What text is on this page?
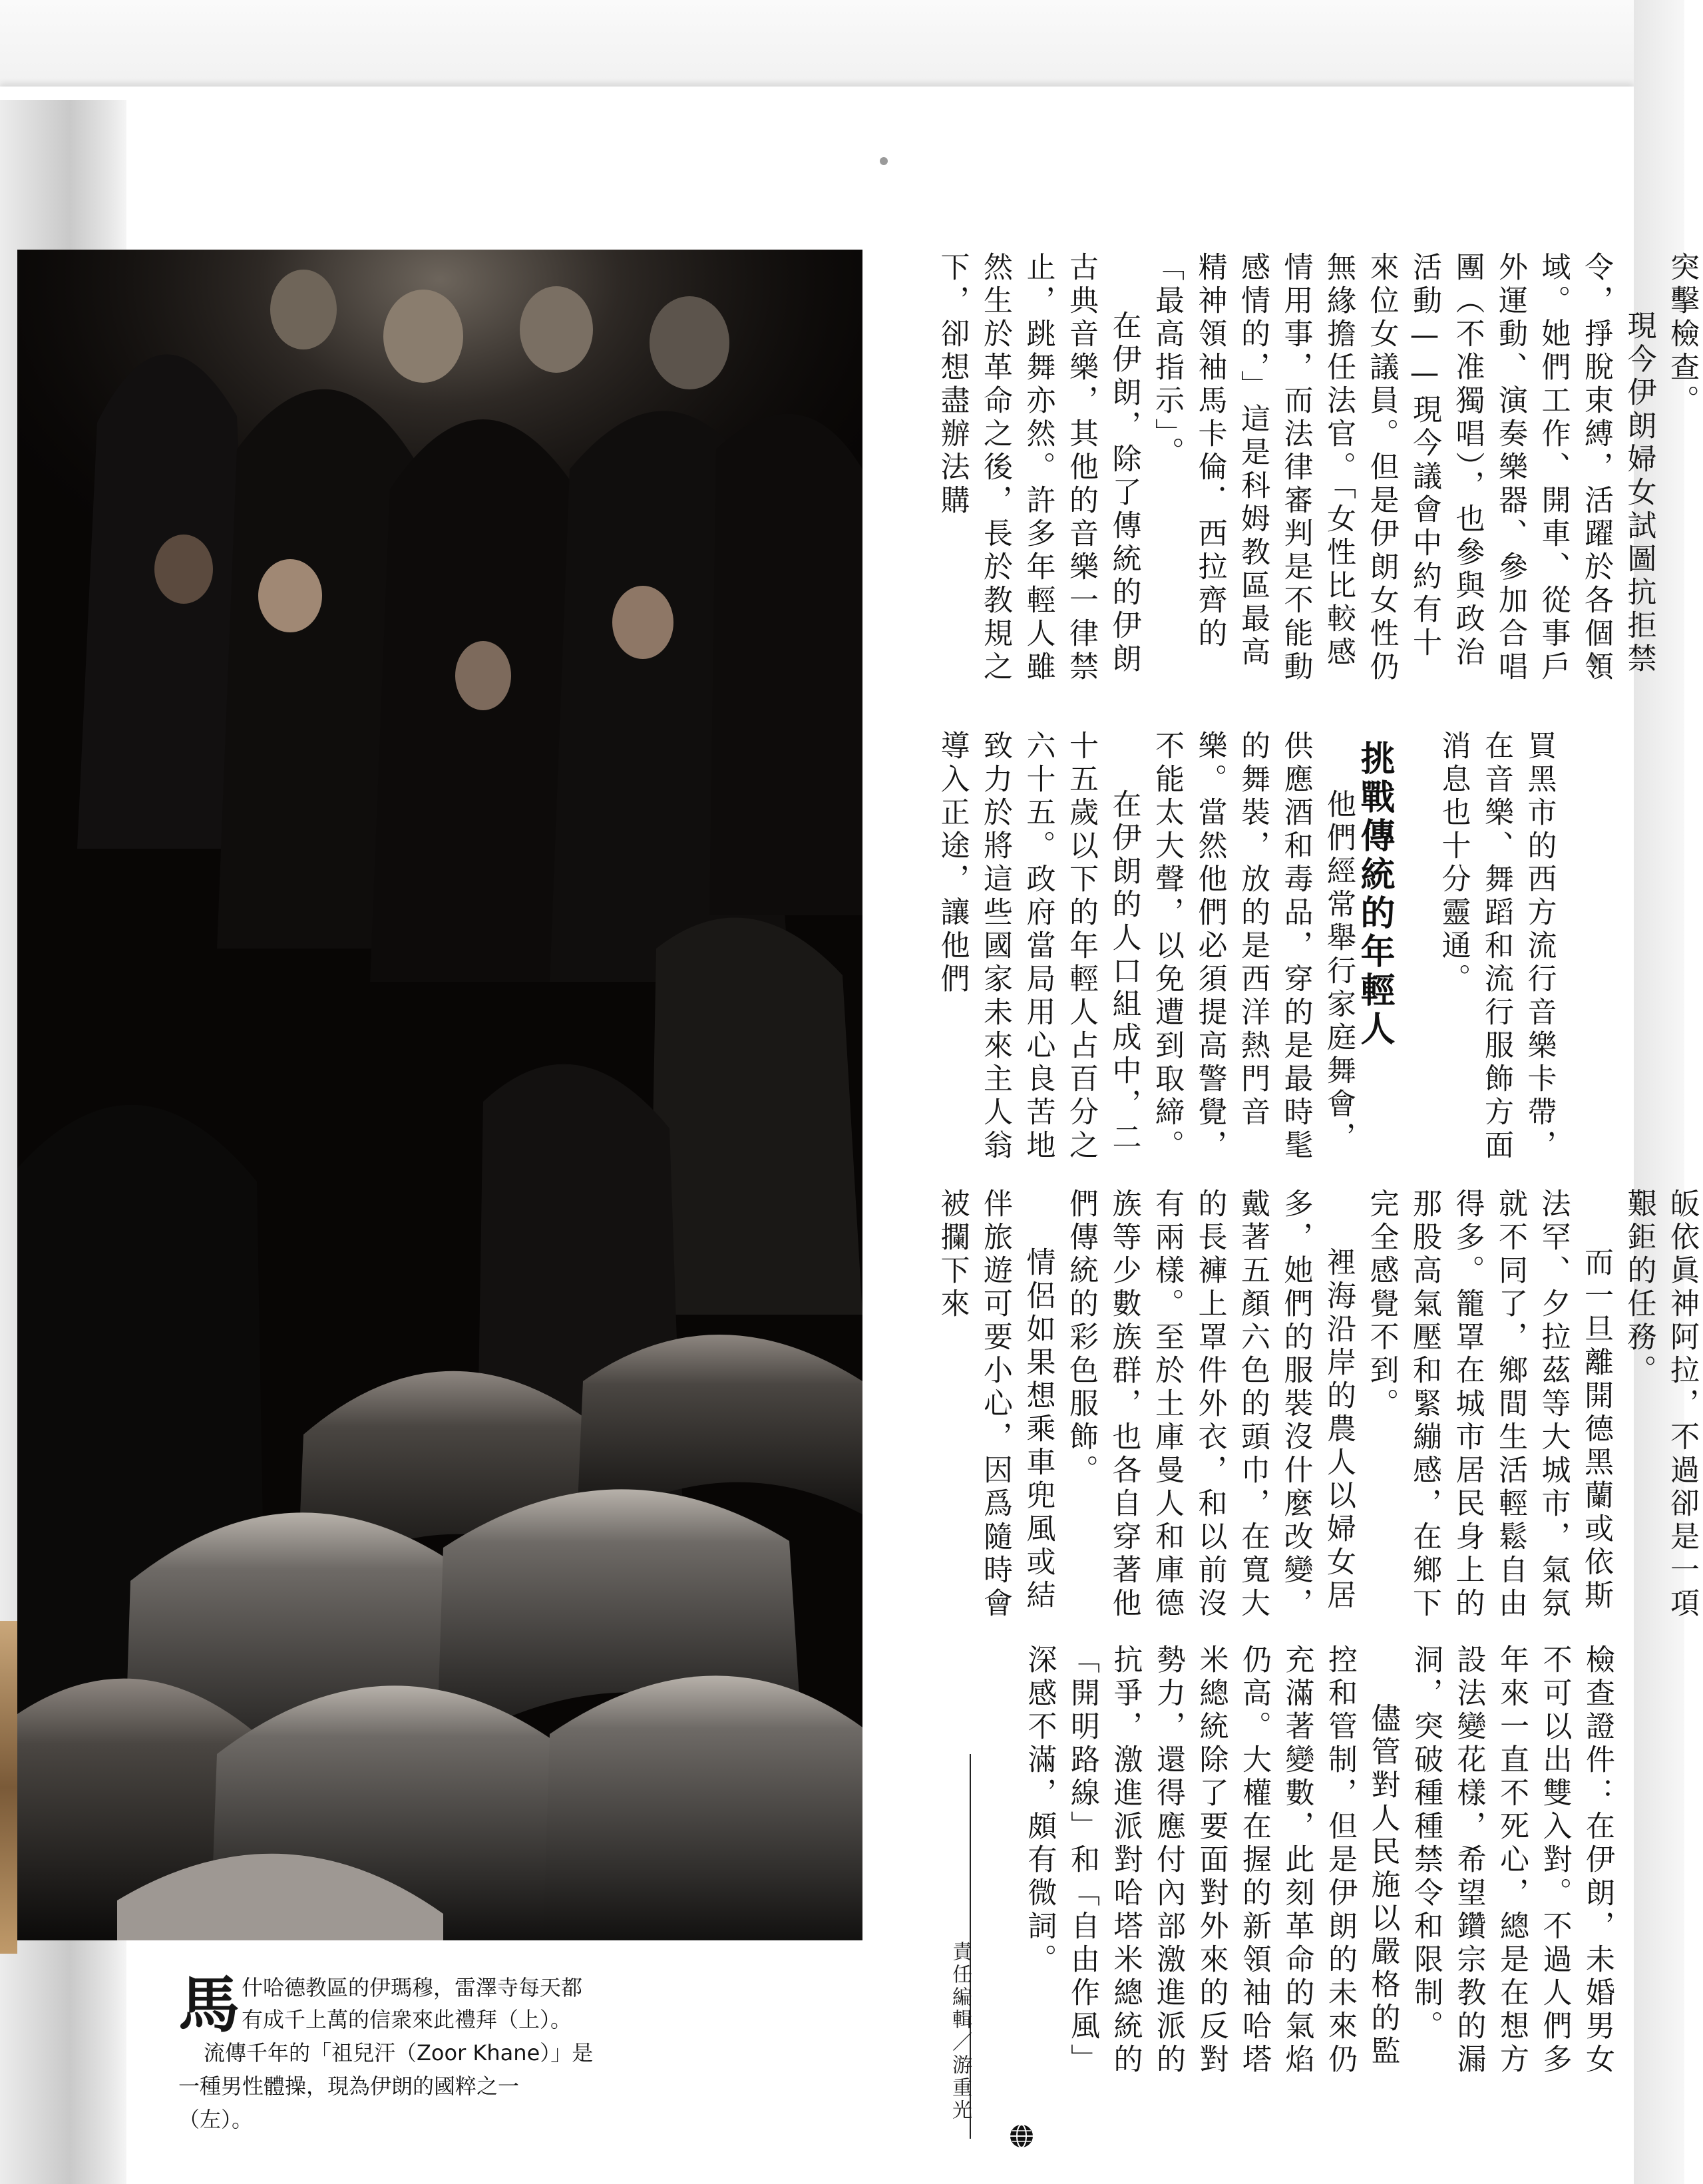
馬 什哈德教區的伊瑪穆，雷澤寺每天都
有成千上萬的信衆來此禮拜（上）。
流傳千年的「祖兒汗（Zoor Khane）」是
一種男性體操，現為伊朗的國粹之一
（左）。

突擊檢查。

現今伊朗婦女試圖抗拒禁令，掙脫束縛，活躍於各個領域。她們工作、開車、從事戶外運動、演奏樂器、參加合唱團（不准獨唱），也參與政治活動——現今議會中約有十來位女議員。但是伊朗女性仍無緣擔任法官。「女性比較感情用事，而法律審判是不能動感情的，」這是科姆教區最高精神領袖馬卡倫．西拉齊的「最高指示」。

在伊朗，除了傳統的伊朗古典音樂，其他的音樂一律禁止，跳舞亦然。許多年輕人雖然生於革命之後，長於教規之下，卻想盡辦法購

買黑市的西方流行音樂卡帶，在音樂、舞蹈和流行服飾方面消息也十分靈通。

挑戰傳統的年輕人

他們經常舉行家庭舞會，供應酒和毒品，穿的是最時髦的舞裝，放的是西洋熱門音樂。當然他們必須提高警覺，不能太大聲，以免遭到取締。

在伊朗的人口組成中，二十五歲以下的年輕人占百分之六十五。政府當局用心良苦地致力於將這些國家未來主人翁導入正途，讓他們

皈依眞神阿拉，不過卻是一項艱鉅的任務。

而一旦離開德黑蘭或依斯法罕、夕拉茲等大城市，氣氛就不同了，鄉間生活輕鬆自由得多。籠罩在城市居民身上的那股高氣壓和緊繃感，在鄉下完全感覺不到。

裡海沿岸的農人以婦女居多，她們的服裝沒什麼改變，戴著五顏六色的頭巾，在寬大的長褲上罩件外衣，和以前沒有兩樣。至於土庫曼人和庫德族等少數族群，也各自穿著他們傳統的彩色服飾。

情侶如果想乘車兜風或結伴旅遊可要小心，因爲隨時會被攔下來

檢查證件：在伊朗，未婚男女不可以出雙入對。不過人們多年來一直不死心，總是在想方設法變花樣，希望鑽宗教的漏洞，突破種種禁令和限制。

儘管對人民施以嚴格的監控和管制，但是伊朗的未來仍充滿著變數，此刻革命的氣焰仍高。大權在握的新領袖哈塔米總統除了要面對外來的反對勢力，還得應付內部激進派的抗爭，激進派對哈塔米總統的「開明路線」和「自由作風」深感不滿，頗有微詞。

責任編輯／游重光
